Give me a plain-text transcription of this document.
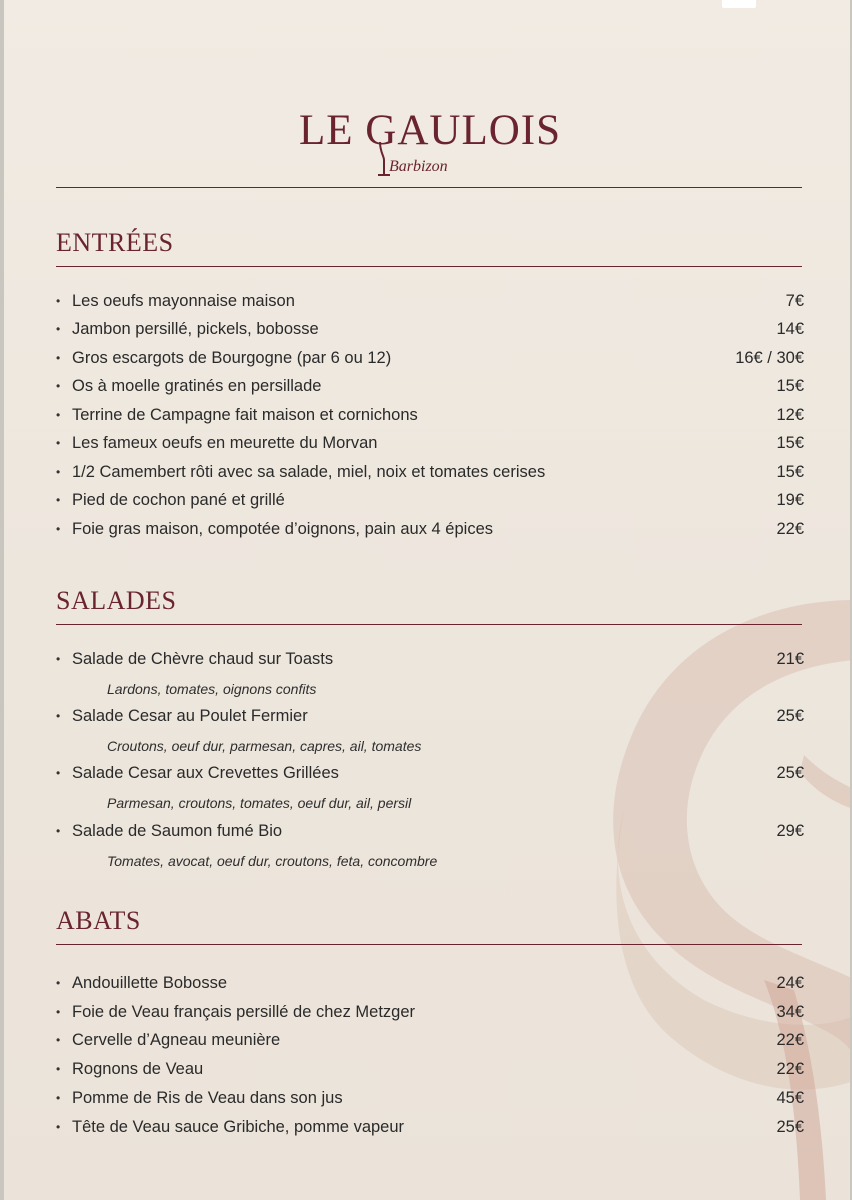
LE GAULOIS
Barbizon
ENTRÉES
• Les oeufs mayonnaise maison	7€
• Jambon persillé, pickels, bobosse	14€
• Gros escargots de Bourgogne (par 6 ou 12)	16€ / 30€
• Os à moelle gratinés en persillade	15€
• Terrine de Campagne fait maison et cornichons	12€
• Les fameux oeufs en meurette du Morvan	15€
• 1/2 Camembert rôti avec sa salade, miel, noix et tomates cerises	15€
• Pied de cochon pané et grillé	19€
• Foie gras maison, compotée d’oignons, pain aux 4 épices	22€
SALADES
• Salade de Chèvre chaud sur Toasts	21€
Lardons, tomates, oignons confits
• Salade Cesar au Poulet Fermier	25€
Croutons, oeuf dur, parmesan, capres, ail, tomates
• Salade Cesar aux Crevettes Grillées	25€
Parmesan, croutons, tomates, oeuf dur, ail, persil
• Salade de Saumon fumé Bio	29€
Tomates, avocat, oeuf dur, croutons, feta, concombre
ABATS
• Andouillette Bobosse	24€
• Foie de Veau français persillé de chez Metzger	34€
• Cervelle d’Agneau meunière	22€
• Rognons de Veau	22€
• Pomme de Ris de Veau dans son jus	45€
• Tête de Veau sauce Gribiche, pomme vapeur	25€
